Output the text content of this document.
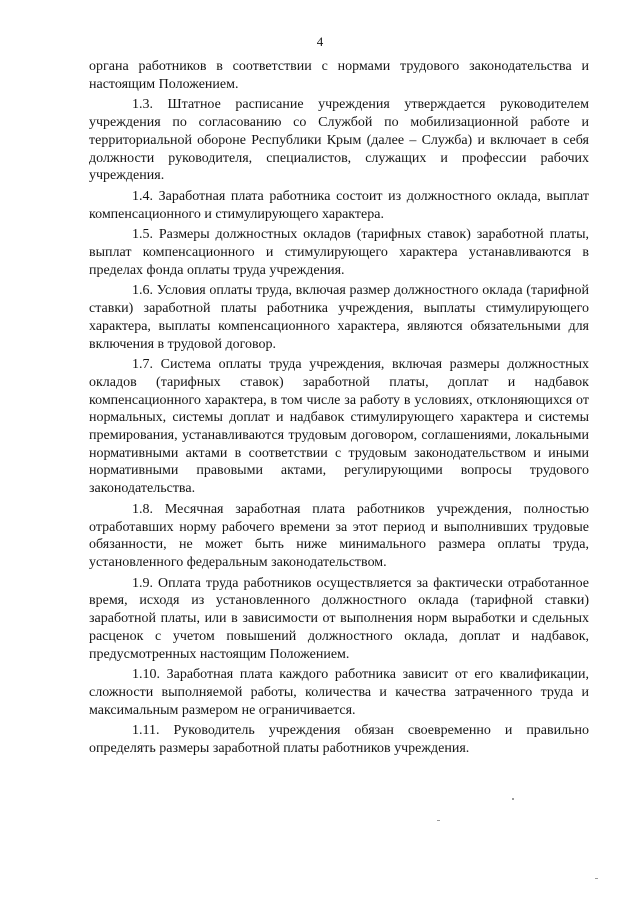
4

органа работников в соответствии с нормами трудового законодательства и настоящим Положением.

1.3. Штатное расписание учреждения утверждается руководителем учреждения по согласованию со Службой по мобилизационной работе и территориальной обороне Республики Крым (далее – Служба) и включает в себя должности руководителя, специалистов, служащих и профессии рабочих учреждения.

1.4. Заработная плата работника состоит из должностного оклада, выплат компенсационного и стимулирующего характера.

1.5. Размеры должностных окладов (тарифных ставок) заработной платы, выплат компенсационного и стимулирующего характера устанавливаются в пределах фонда оплаты труда учреждения.

1.6. Условия оплаты труда, включая размер должностного оклада (тарифной ставки) заработной платы работника учреждения, выплаты стимулирующего характера, выплаты компенсационного характера, являются обязательными для включения в трудовой договор.

1.7. Система оплаты труда учреждения, включая размеры должностных окладов (тарифных ставок) заработной платы, доплат и надбавок компенсационного характера, в том числе за работу в условиях, отклоняющихся от нормальных, системы доплат и надбавок стимулирующего характера и системы премирования, устанавливаются трудовым договором, соглашениями, локальными нормативными актами в соответствии с трудовым законодательством и иными нормативными правовыми актами, регулирующими вопросы трудового законодательства.

1.8. Месячная заработная плата работников учреждения, полностью отработавших норму рабочего времени за этот период и выполнивших трудовые обязанности, не может быть ниже минимального размера оплаты труда, установленного федеральным законодательством.

1.9. Оплата труда работников осуществляется за фактически отработанное время, исходя из установленного должностного оклада (тарифной ставки) заработной платы, или в зависимости от выполнения норм выработки и сдельных расценок с учетом повышений должностного оклада, доплат и надбавок, предусмотренных настоящим Положением.

1.10. Заработная плата каждого работника зависит от его квалификации, сложности выполняемой работы, количества и качества затраченного труда и максимальным размером не ограничивается.

1.11. Руководитель учреждения обязан своевременно и правильно определять размеры заработной платы работников учреждения.
